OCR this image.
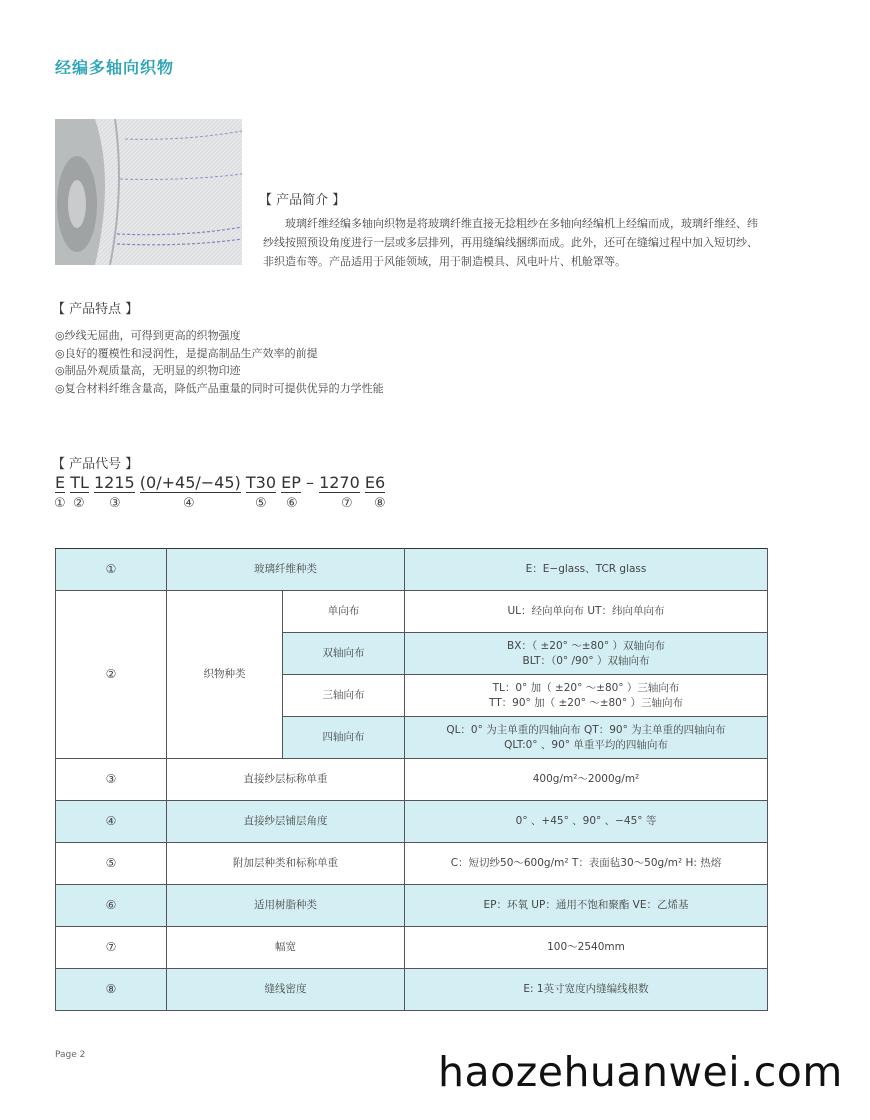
经编多轴向织物
【 产品简介 】
玻璃纤维经编多轴向织物是将玻璃纤维直接无捻粗纱在多轴向经编机上经编而成，玻璃纤维经、纬纱线按照预设角度进行一层或多层排列，再用缝编线捆绑而成。此外，还可在缝编过程中加入短切纱、非织造布等。产品适用于风能领域，用于制造模具、风电叶片、机舱罩等。
【 产品特点 】
◎纱线无屈曲，可得到更高的织物强度
◎良好的覆模性和浸润性，是提高制品生产效率的前提
◎制品外观质量高，无明显的织物印迹
◎复合材料纤维含量高，降低产品重量的同时可提供优异的力学性能
【 产品代号 】
E TL 1215 (0/+45/−45) T30 EP – 1270 E6
① ② ③	④	⑤ ⑥	⑦ ⑧
①	玻璃纤维种类		E：E−glass、TCR glass
②	织物种类	单向布	UL：经向单向布 UT：纬向单向布
		双轴向布	BX：（ ±20° ～±80° ）双轴向布
BLT：（0° /90° ）双轴向布

		三轴向布	TL：0° 加（ ±20° ～±80° ）三轴向布
TT：90° 加（ ±20° ～±80° ）三轴向布

		四轴向布	QL：0° 为主单重的四轴向布 QT：90° 为主单重的四轴向布
QLT:0° 、90° 单重平均的四轴向布

③	直接纱层标称单重		400g/m²～2000g/m²
④	直接纱层铺层角度		0° 、+45° 、90° 、−45° 等
⑤	附加层种类和标称单重		C：短切纱50～600g/m² T：表面毡30～50g/m² H: 热熔
⑥	适用树脂种类		EP：环氧 UP：通用不饱和聚酯 VE：乙烯基
⑦	幅宽		100～2540mm
⑧	缝线密度		E: 1英寸宽度内缝编线根数
Page 2	haozehuanwei.com
